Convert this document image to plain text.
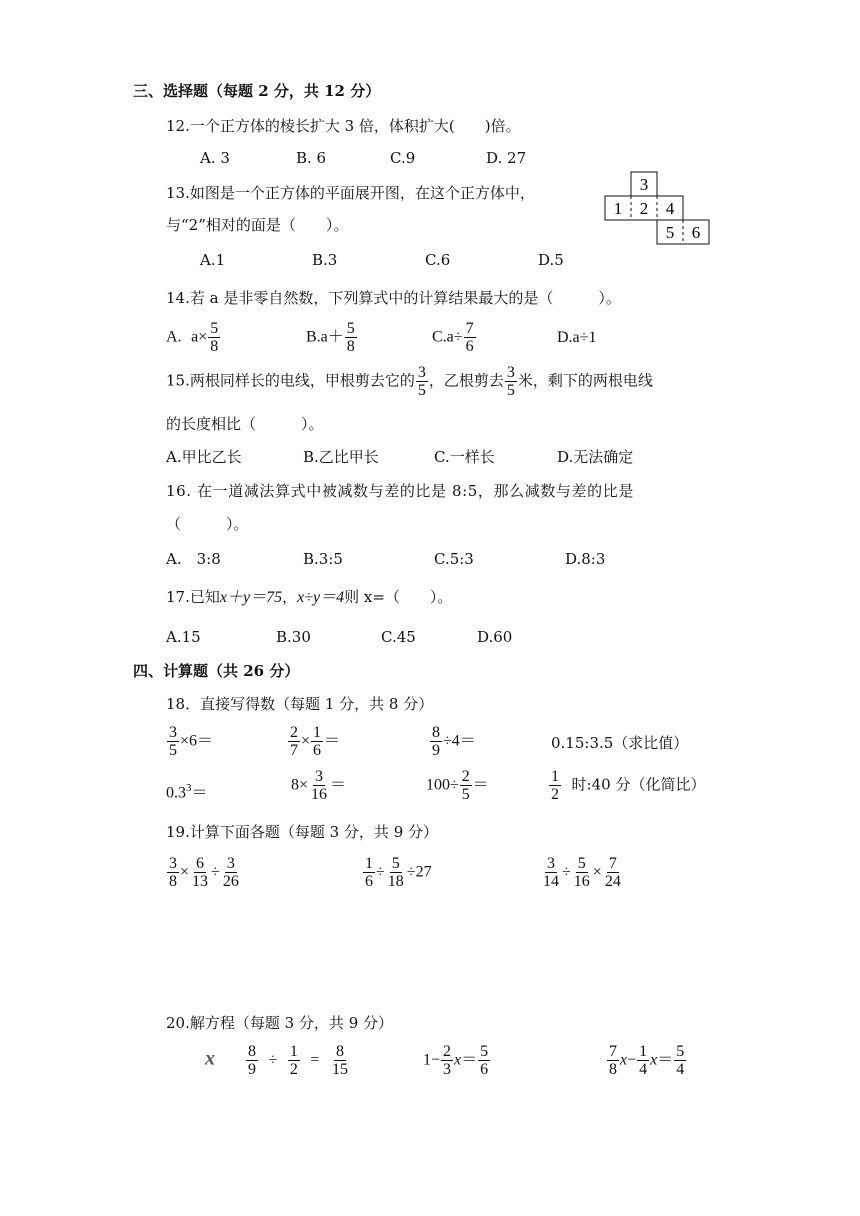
三、选择题（每题 2 分，共 12 分）
12.一个正方体的棱长扩大 3 倍，体积扩大(　　)倍。
A. 3	B. 6	C.9	D. 27
13.如图是一个正方体的平面展开图，在这个正方体中，
与“2”相对的面是（　　）。
A.1	B.3	C.6	D.5
3
1 2 4
5 6
14.若 a 是非零自然数，下列算式中的计算结果最大的是（　　　）。
A. $a\times \frac{5}{8}$	$B.a+ \frac{5}{8}$	$C.a\div \frac{7}{6}$	D.a÷1
15.两根同样长的电线，甲根剪去它的 $\frac{3}{5}$ ，乙根剪去 $\frac{3}{5}$ 米，剩下的两根电线
的长度相比（　　　）。
A.甲比乙长	B.乙比甲长	C.一样长	D.无法确定
16. 在一道减法算式中被减数与差的比是 8:5，那么减数与差的比是
（　　　）。
A.　3:8	B.3:5	C.5:3	D.8:3
17.已知x＋y＝75，x÷y＝4则 x=（　　）。
A.15	B.30	C.45	D.60
四、计算题（共 26 分）
18．直接写得数（每题 1 分，共 8 分）
$\frac{3}{5} \times 6=$	$\frac{2}{7} \times \frac{1}{6}$ ＝	$\frac{8}{9} \div 4=$	0.15:3.5（求比值）
$0.3^3=$	$8\times \frac{3}{16}$ ＝	$100\div \frac{2}{5}$ ＝	$\frac{1}{2}$ 时:40 分（化简比）
19.计算下面各题（每题 3 分，共 9 分）
$\frac{3}{8} \times \frac{6}{13} \div \frac{3}{26}$	$\frac{1}{6} \div \frac{5}{18} \div 27$	$\frac{3}{14} \div \frac{5}{16} \times \frac{7}{24}$
20.解方程（每题 3 分，共 9 分）
x $\frac{8}{9} \div \frac{1}{2} = \frac{8}{15}$	$1- \frac{2}{3} x= \frac{5}{6}$	$\frac{7}{8} x- \frac{1}{4} x= \frac{5}{4}$
